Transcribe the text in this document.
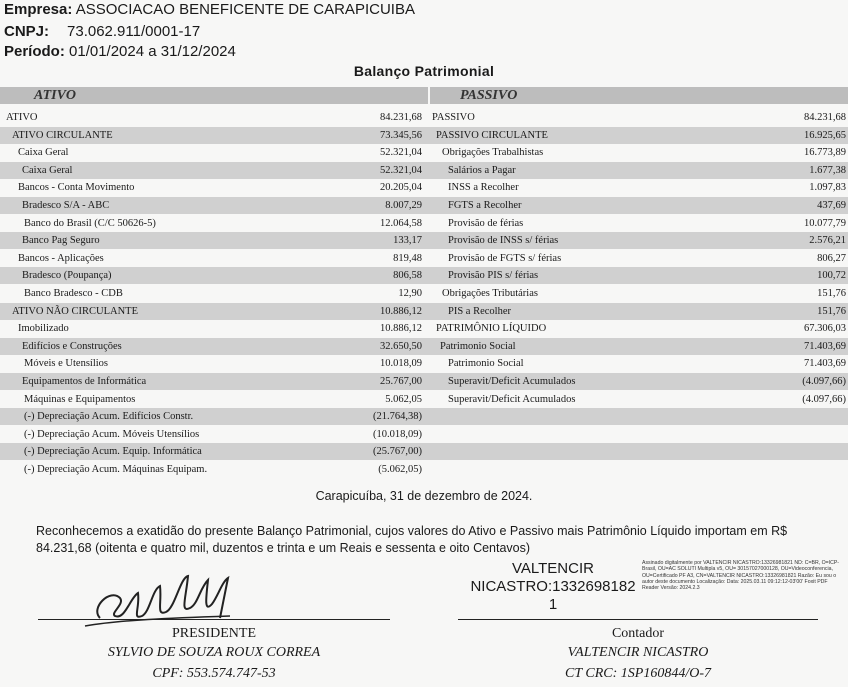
Empresa: ASSOCIACAO BENEFICENTE DE CARAPICUIBA
CNPJ: 73.062.911/0001-17
Período: 01/01/2024 a 31/12/2024
Balanço Patrimonial
ATIVO	PASSIVO
ATIVO	84.231,68
ATIVO CIRCULANTE	73.345,56
Caixa Geral	52.321,04
Caixa Geral	52.321,04
Bancos - Conta Movimento	20.205,04
Bradesco S/A - ABC	8.007,29
Banco do Brasil (C/C 50626-5)	12.064,58
Banco Pag Seguro	133,17
Bancos - Aplicações	819,48
Bradesco (Poupança)	806,58
Banco Bradesco - CDB	12,90
ATIVO NÃO CIRCULANTE	10.886,12
Imobilizado	10.886,12
Edifícios e Construções	32.650,50
Móveis e Utensílios	10.018,09
Equipamentos de Informática	25.767,00
Máquinas e Equipamentos	5.062,05
(-) Depreciação Acum. Edifícios Constr.	(21.764,38)
(-) Depreciação Acum. Móveis Utensílios	(10.018,09)
(-) Depreciação Acum. Equip. Informática	(25.767,00)
(-) Depreciação Acum. Máquinas Equipam.	(5.062,05)
PASSIVO	84.231,68
PASSIVO CIRCULANTE	16.925,65
Obrigações Trabalhistas	16.773,89
Salários a Pagar	1.677,38
INSS a Recolher	1.097,83
FGTS a Recolher	437,69
Provisão de férias	10.077,79
Provisão de INSS s/ férias	2.576,21
Provisão de FGTS s/ férias	806,27
Provisão PIS s/ férias	100,72
Obrigações Tributárias	151,76
PIS a Recolher	151,76
PATRIMÔNIO LÍQUIDO	67.306,03
Patrimonio Social	71.403,69
Patrimonio Social	71.403,69
Superavit/Deficit Acumulados	(4.097,66)
Superavit/Deficit Acumulados	(4.097,66)
Carapicuíba, 31 de dezembro de 2024.
Reconhecemos a exatidão do presente Balanço Patrimonial, cujos valores do Ativo e Passivo mais Patrimônio Líquido importam em R$ 84.231,68 (oitenta e quatro mil, duzentos e trinta e um Reais e sessenta e oito Centavos)
PRESIDENTE
SYLVIO DE SOUZA ROUX CORREA
CPF: 553.574.747-53
VALTENCIR NICASTRO:1332698182 1
Assinado digitalmente por VALTENCIR NICASTRO:13326981821 ND: C=BR, O=ICP-Brasil, OU=AC SOLUTI Multipla v5, OU= 30157027000128, OU=Videoconferencia, OU=Certificado PF A3, CN=VALTENCIR NICASTRO:13326981821 Razão: Eu sou o autor deste documento Localização: Data: 2025.03.11 09:12:12-03'00' Foxit PDF Reader Versão: 2024.2.3
Contador
VALTENCIR NICASTRO
CT CRC: 1SP160844/O-7
